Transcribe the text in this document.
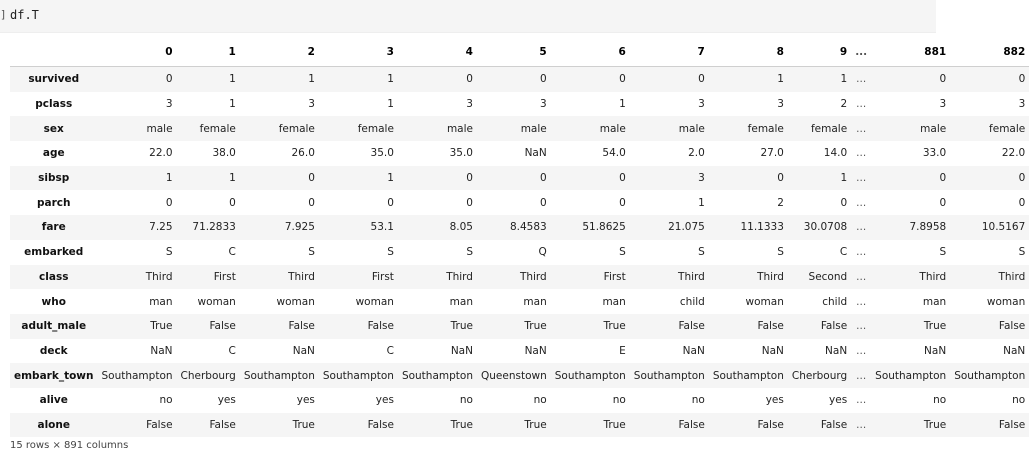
] df.T
	0	1	2	3	4	5	6	7	8	9	...	881	882
survived	0	1	1	1	0	0	0	0	1	1	...	0	0
pclass	3	1	3	1	3	3	1	3	3	2	...	3	3
sex	male	female	female	female	male	male	male	male	female	female	...	male	female
age	22.0	38.0	26.0	35.0	35.0	NaN	54.0	2.0	27.0	14.0	...	33.0	22.0
sibsp	1	1	0	1	0	0	0	3	0	1	...	0	0
parch	0	0	0	0	0	0	0	1	2	0	...	0	0
fare	7.25	71.2833	7.925	53.1	8.05	8.4583	51.8625	21.075	11.1333	30.0708	...	7.8958	10.5167
embarked	S	C	S	S	S	Q	S	S	S	C	...	S	S
class	Third	First	Third	First	Third	Third	First	Third	Third	Second	...	Third	Third
who	man	woman	woman	woman	man	man	man	child	woman	child	...	man	woman
adult_male	True	False	False	False	True	True	True	False	False	False	...	True	False
deck	NaN	C	NaN	C	NaN	NaN	E	NaN	NaN	NaN	...	NaN	NaN
embark_town	Southampton	Cherbourg	Southampton	Southampton	Southampton	Queenstown	Southampton	Southampton	Southampton	Cherbourg	...	Southampton	Southampton
alive	no	yes	yes	yes	no	no	no	no	yes	yes	...	no	no
alone	False	False	True	False	True	True	True	False	False	False	...	True	False
15 rows × 891 columns
